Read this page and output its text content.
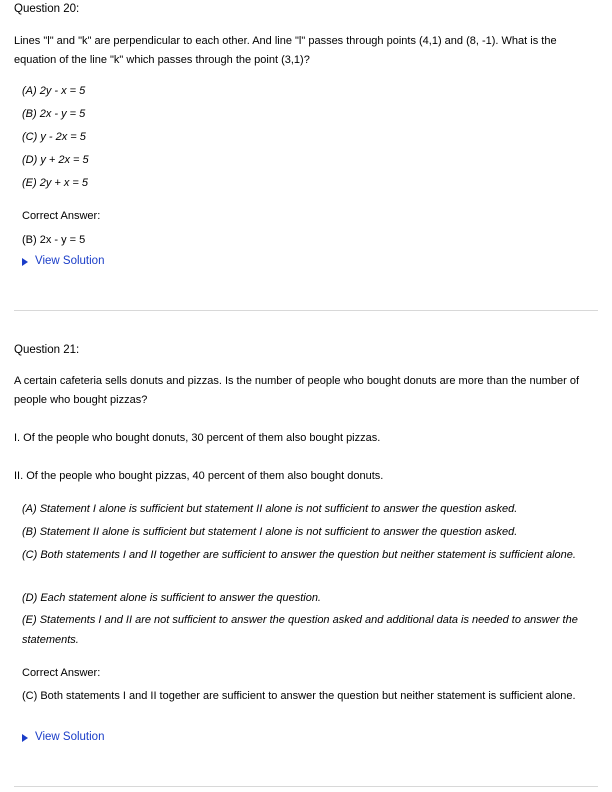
Question 20:
Lines "l" and "k" are perpendicular to each other. And line "l" passes through points (4,1) and (8, -1). What is the equation of the line "k" which passes through the point (3,1)?
(A) 2y - x = 5
(B) 2x - y = 5
(C) y - 2x = 5
(D) y + 2x = 5
(E) 2y + x = 5
Correct Answer:
(B) 2x - y = 5
View Solution
Question 21:
A certain cafeteria sells donuts and pizzas. Is the number of people who bought donuts are more than the number of people who bought pizzas?
I. Of the people who bought donuts, 30 percent of them also bought pizzas.
II. Of the people who bought pizzas, 40 percent of them also bought donuts.
(A) Statement I alone is sufficient but statement II alone is not sufficient to answer the question asked.
(B) Statement II alone is sufficient but statement I alone is not sufficient to answer the question asked.
(C) Both statements I and II together are sufficient to answer the question but neither statement is sufficient alone.
(D) Each statement alone is sufficient to answer the question.
(E) Statements I and II are not sufficient to answer the question asked and additional data is needed to answer the statements.
Correct Answer:
(C) Both statements I and II together are sufficient to answer the question but neither statement is sufficient alone.
View Solution
